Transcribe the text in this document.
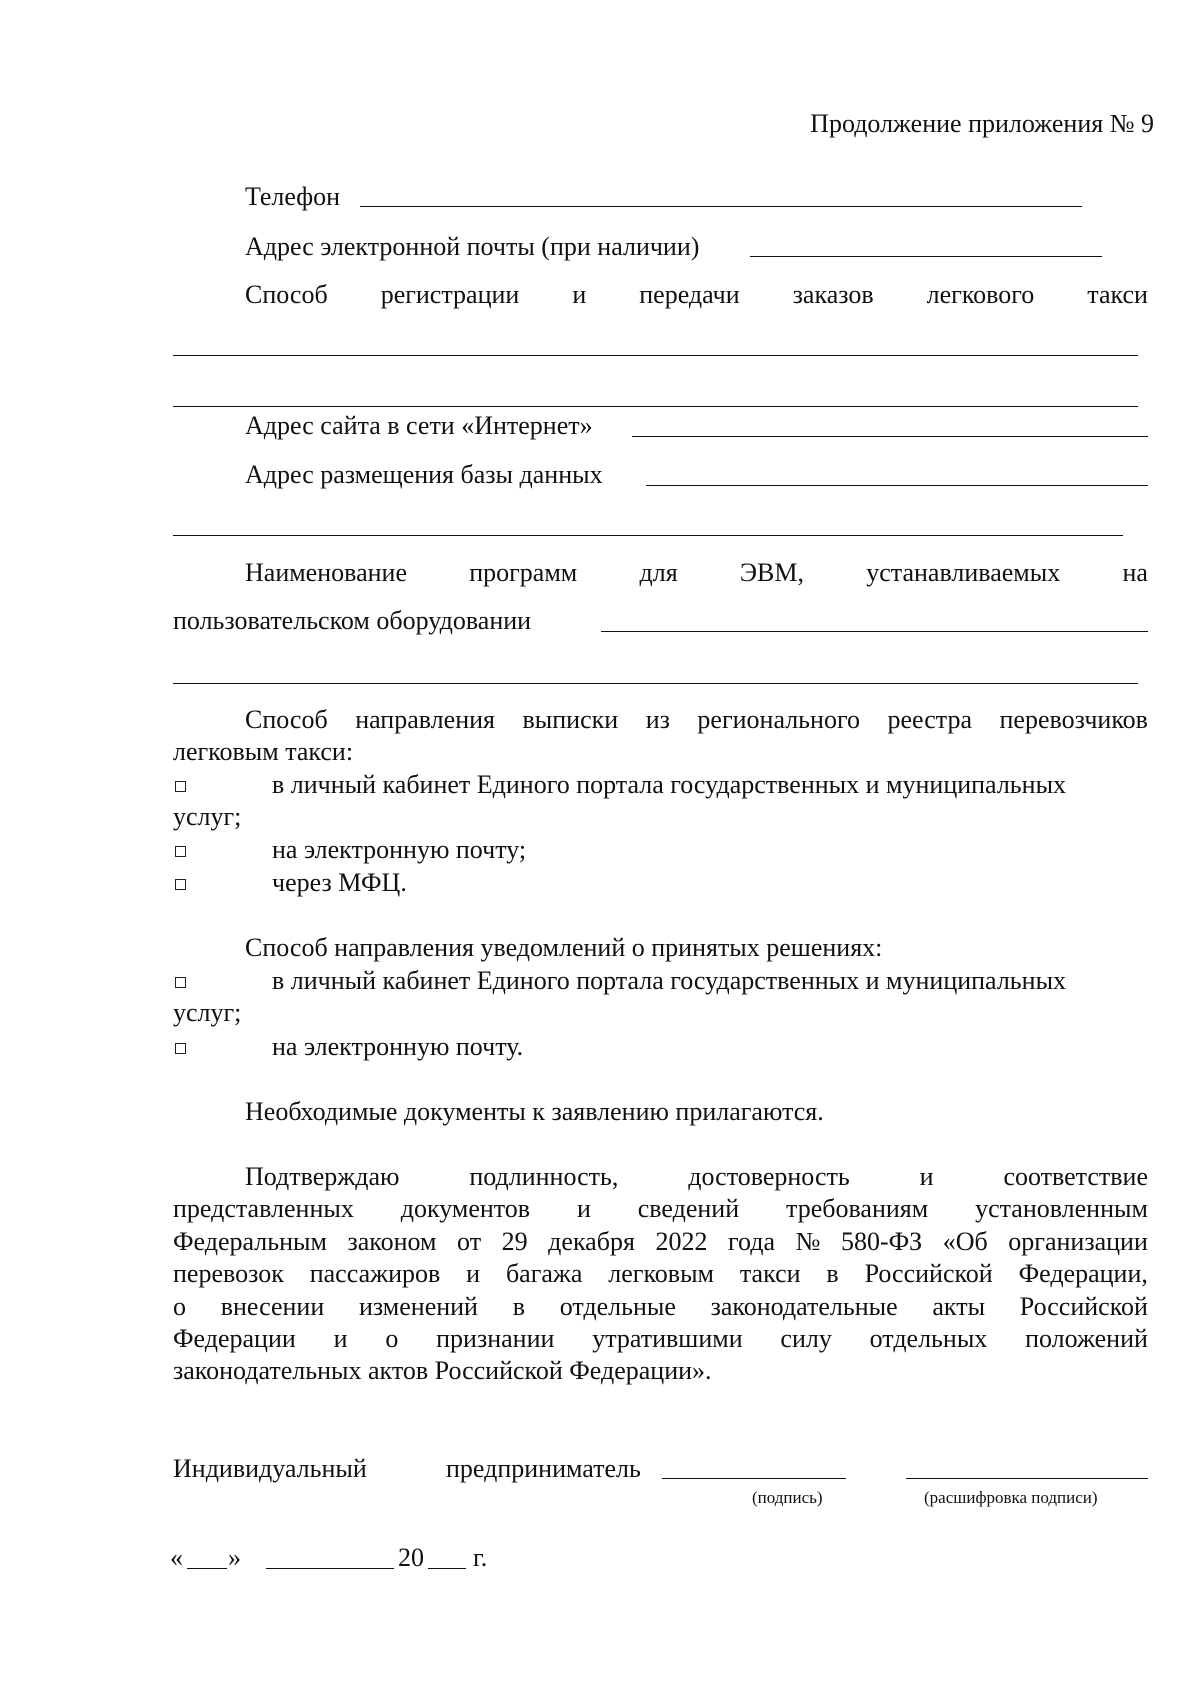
Продолжение приложения № 9
Телефон
Адрес электронной почты (при наличии)
Способ регистрации и передачи заказов легкового такси
Адрес сайта в сети «Интернет»
Адрес размещения базы данных
Наименование программ для ЭВМ, устанавливаемых на
пользовательском оборудовании
Способ направления выписки из регионального реестра перевозчиков
легковым такси:
в личный кабинет Единого портала государственных и муниципальных
услуг;
на электронную почту;
через МФЦ.
Способ направления уведомлений о принятых решениях:
в личный кабинет Единого портала государственных и муниципальных
услуг;
на электронную почту.
Необходимые документы к заявлению прилагаются.
Подтверждаю	подлинность,	достоверность	и	соответствие
представленных документов и сведений требованиям установленным
Федеральным законом от 29 декабря 2022 года № 580-ФЗ «Об организации
перевозок пассажиров и багажа легковым такси в Российской Федерации,
о внесении изменений в отдельные законодательные акты Российской
Федерации и о признании утратившими силу отдельных положений
законодательных актов Российской Федерации».
Индивидуальный	предприниматель
(подпись)	(расшифровка подписи)
« »	20 г.
